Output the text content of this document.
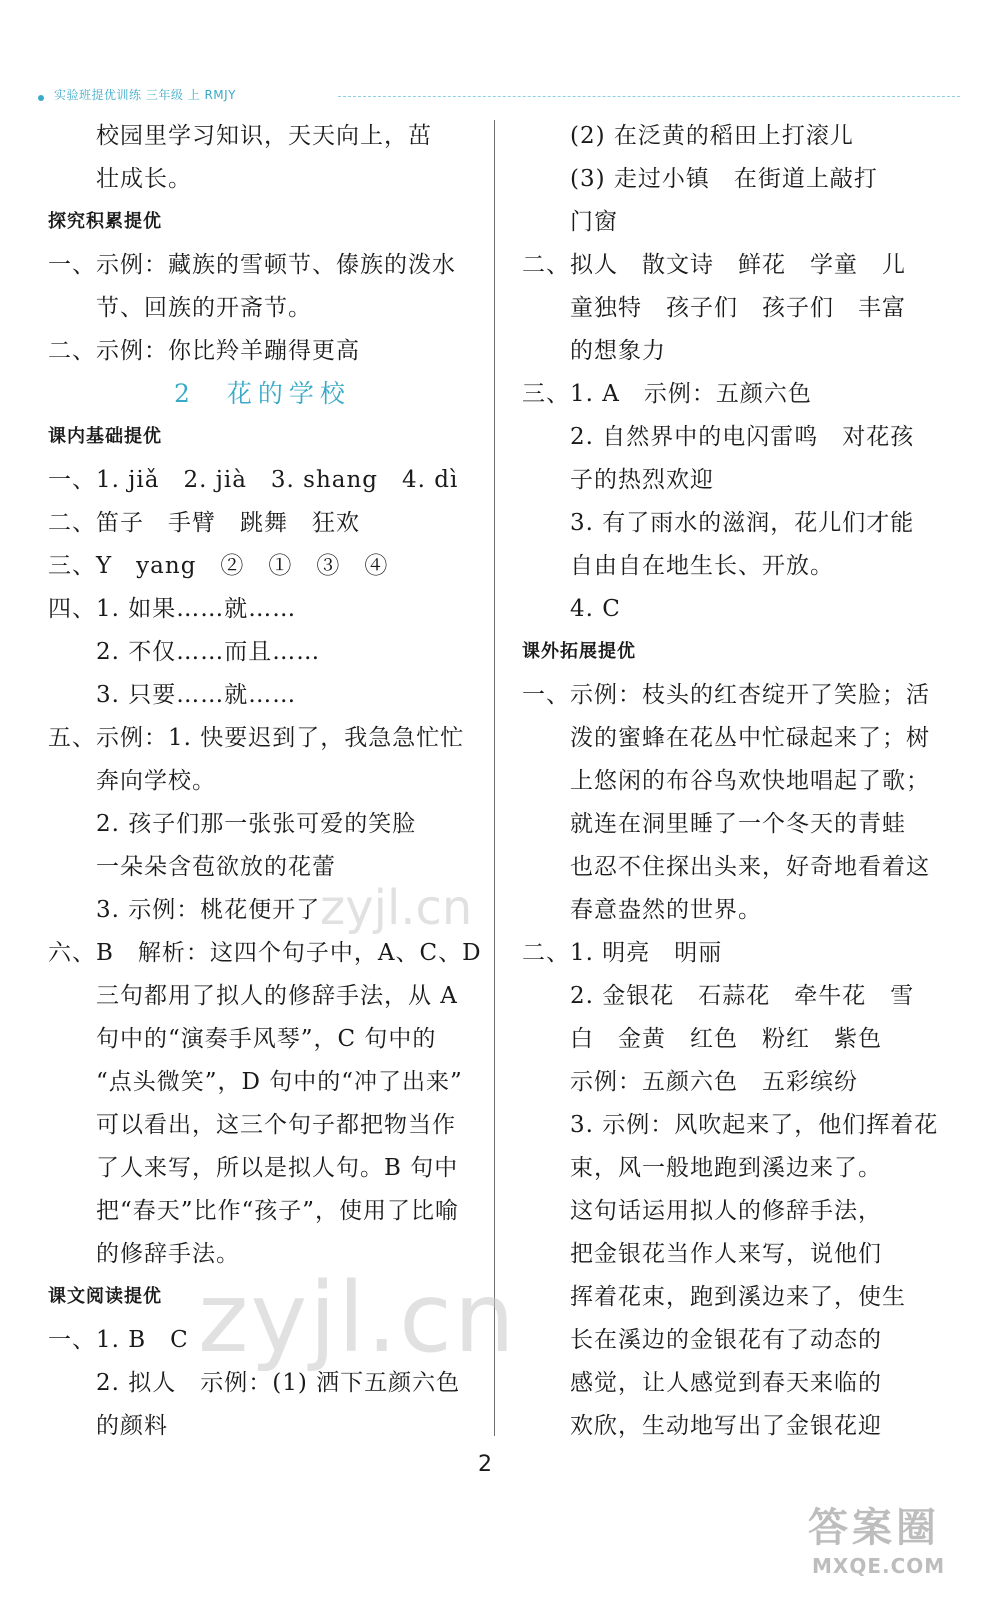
实验班提优训练 三年级 上 RMJY
　　校园里学习知识，天天向上，茁
　　壮成长。
探究积累提优
一、示例：藏族的雪顿节、傣族的泼水
　　节、回族的开斋节。
二、示例：你比羚羊蹦得更高
2　花的学校
课内基础提优
一、1. jiǎ　2. jià　3. shang　4. dì
二、笛子　手臂　跳舞　狂欢
三、Y　yang　②　①　③　④
四、1. 如果……就……
　　2. 不仅……而且……
　　3. 只要……就……
五、示例：1. 快要迟到了，我急急忙忙
　　奔向学校。
　　2. 孩子们那一张张可爱的笑脸
　　一朵朵含苞欲放的花蕾
　　3. 示例：桃花便开了
六、B　解析：这四个句子中，A、C、D
　　三句都用了拟人的修辞手法，从 A
　　句中的“演奏手风琴”，C 句中的
　　“点头微笑”，D 句中的“冲了出来”
　　可以看出，这三个句子都把物当作
　　了人来写，所以是拟人句。B 句中
　　把“春天”比作“孩子”，使用了比喻
　　的修辞手法。
课文阅读提优
一、1. B　C
　　2. 拟人　示例：(1) 洒下五颜六色
　　的颜料
　　(2) 在泛黄的稻田上打滚儿
　　(3) 走过小镇　在街道上敲打
　　门窗
二、拟人　散文诗　鲜花　学童　儿
　　童独特　孩子们　孩子们　丰富
　　的想象力
三、1. A　示例：五颜六色
　　2. 自然界中的电闪雷鸣　对花孩
　　子的热烈欢迎
　　3. 有了雨水的滋润，花儿们才能
　　自由自在地生长、开放。
　　4. C
课外拓展提优
一、示例：枝头的红杏绽开了笑脸；活
　　泼的蜜蜂在花丛中忙碌起来了；树
　　上悠闲的布谷鸟欢快地唱起了歌；
　　就连在洞里睡了一个冬天的青蛙
　　也忍不住探出头来，好奇地看着这
　　春意盎然的世界。
二、1. 明亮　明丽
　　2. 金银花　石蒜花　牵牛花　雪
　　白　金黄　红色　粉红　紫色
　　示例：五颜六色　五彩缤纷
　　3. 示例：风吹起来了，他们挥着花
　　束，风一般地跑到溪边来了。
　　这句话运用拟人的修辞手法，
　　把金银花当作人来写，说他们
　　挥着花束，跑到溪边来了，使生
　　长在溪边的金银花有了动态的
　　感觉，让人感觉到春天来临的
　　欢欣，生动地写出了金银花迎
zyjl.cn
zyjl.cn
2
答案圈
MXQE.COM
